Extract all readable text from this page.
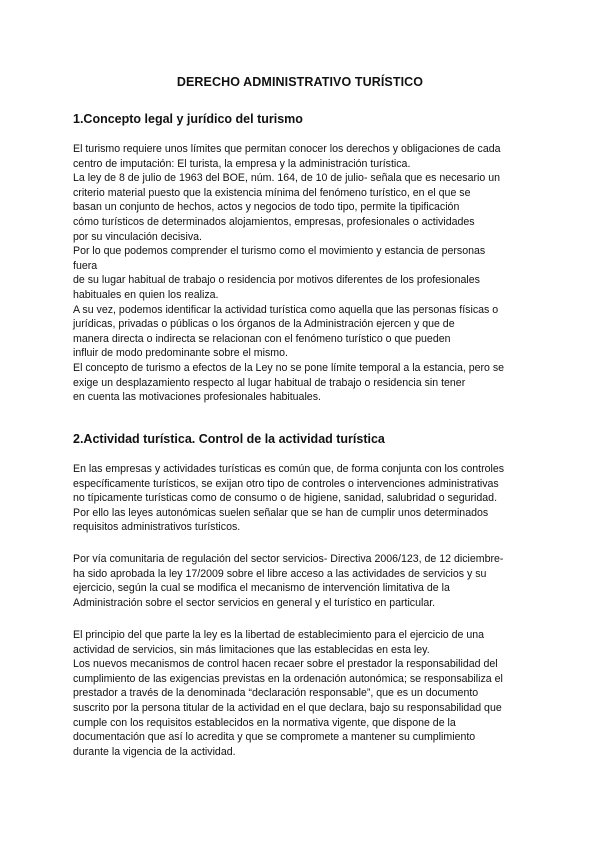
DERECHO ADMINISTRATIVO TURÍSTICO
1.Concepto legal y jurídico del turismo
El turismo requiere unos límites que permitan conocer los derechos y obligaciones de cada
centro de imputación: El turista, la empresa y la administración turística.
La ley de 8 de julio de 1963 del BOE, núm. 164, de 10 de julio- señala que es necesario un
criterio material puesto que la existencia mínima del fenómeno turístico, en el que se
basan un conjunto de hechos, actos y negocios de todo tipo, permite la tipificación
cómo turísticos de determinados alojamientos, empresas, profesionales o actividades
por su vinculación decisiva.
Por lo que podemos comprender el turismo como el movimiento y estancia de personas
fuera
de su lugar habitual de trabajo o residencia por motivos diferentes de los profesionales
habituales en quien los realiza.
A su vez, podemos identificar la actividad turística como aquella que las personas físicas o
jurídicas, privadas o públicas o los órganos de la Administración ejercen y que de
manera directa o indirecta se relacionan con el fenómeno turístico o que pueden
influir de modo predominante sobre el mismo.
El concepto de turismo a efectos de la Ley no se pone límite temporal a la estancia, pero se
exige un desplazamiento respecto al lugar habitual de trabajo o residencia sin tener
en cuenta las motivaciones profesionales habituales.
2.Actividad turística. Control de la actividad turística
En las empresas y actividades turísticas es común que, de forma conjunta con los controles
específicamente turísticos, se exijan otro tipo de controles o intervenciones administrativas
no típicamente turísticas como de consumo o de higiene, sanidad, salubridad o seguridad.
Por ello las leyes autonómicas suelen señalar que se han de cumplir unos determinados
requisitos administrativos turísticos.
Por vía comunitaria de regulación del sector servicios- Directiva 2006/123, de 12 diciembre-
ha sido aprobada la ley 17/2009 sobre el libre acceso a las actividades de servicios y su
ejercicio, según la cual se modifica el mecanismo de intervención limitativa de la
Administración sobre el sector servicios en general y el turístico en particular.
El principio del que parte la ley es la libertad de establecimiento para el ejercicio de una
actividad de servicios, sin más limitaciones que las establecidas en esta ley.
Los nuevos mecanismos de control hacen recaer sobre el prestador la responsabilidad del
cumplimiento de las exigencias previstas en la ordenación autonómica; se responsabiliza el
prestador a través de la denominada “declaración responsable”, que es un documento
suscrito por la persona titular de la actividad en el que declara, bajo su responsabilidad que
cumple con los requisitos establecidos en la normativa vigente, que dispone de la
documentación que así lo acredita y que se compromete a mantener su cumplimiento
durante la vigencia de la actividad.
